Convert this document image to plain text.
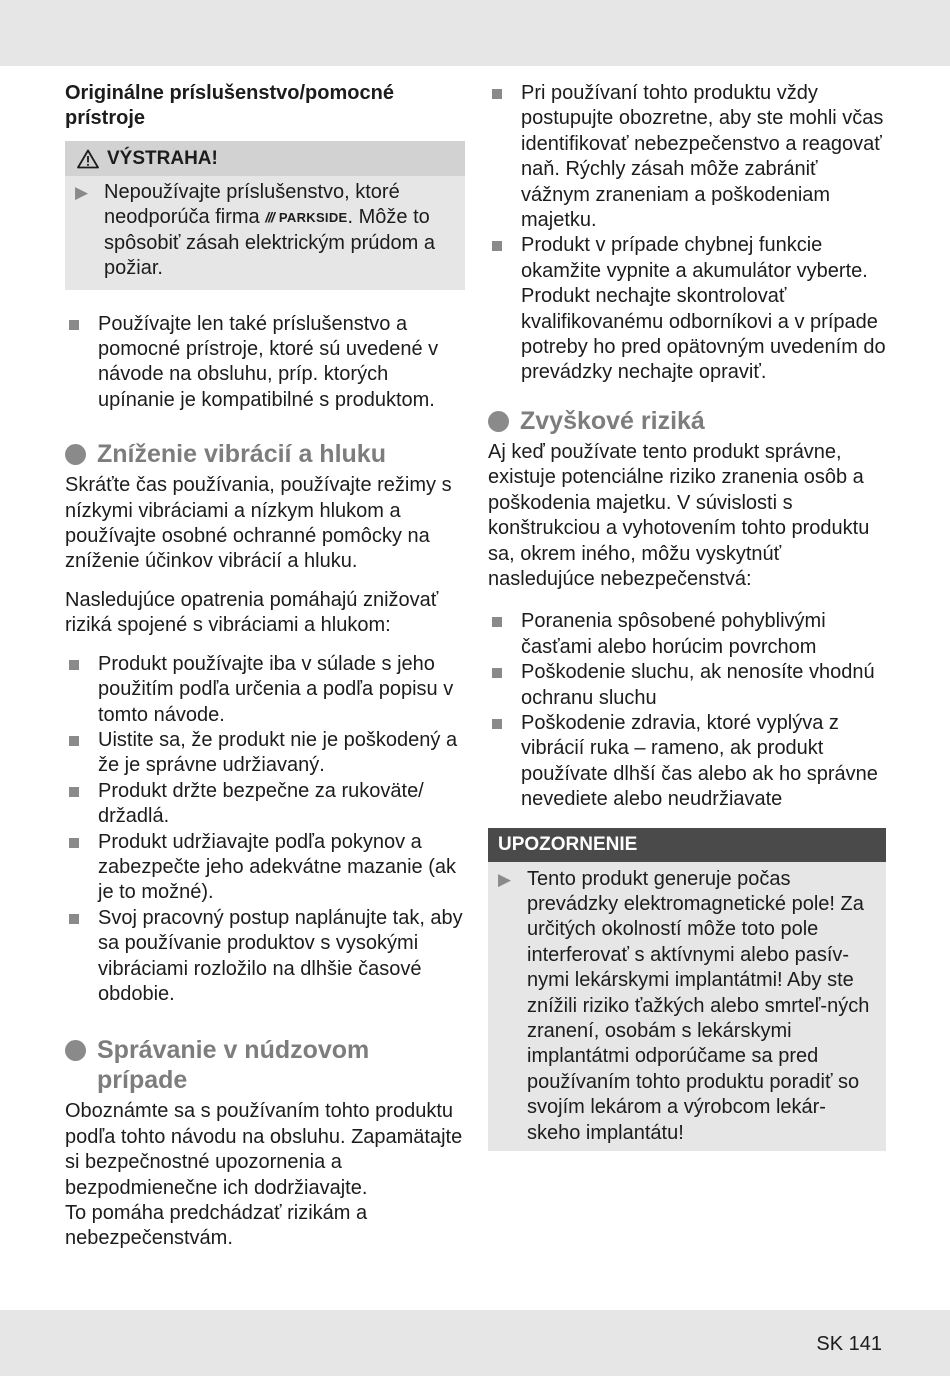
Originálne príslušenstvo/pomocné prístroje
VÝSTRAHA!
▶ Nepoužívajte príslušenstvo, ktoré neodporúča firma /// PARKSIDE . Môže to spôsobiť zásah elektrickým prúdom a požiar.
Používajte len také príslušenstvo a pomocné prístroje, ktoré sú uvedené v návode na obsluhu, príp. ktorých upínanie je kompatibilné s produktom.
Zníženie vibrácií a hluku

Skráťte čas používania, používajte režimy s nízkymi vibráciami a nízkym hlukom a používajte osobné ochranné pomôcky na zníženie účinkov vibrácií a hluku.

Nasledujúce opatrenia pomáhajú znižovať riziká spojené s vibráciami a hlukom:

Produkt používajte iba v súlade s jeho použitím podľa určenia a podľa popisu v tomto návode.
Uistite sa, že produkt nie je poškodený a že je správne udržiavaný.
Produkt držte bezpečne za rukoväte/ držadlá.
Produkt udržiavajte podľa pokynov a zabezpečte jeho adekvátne mazanie (ak je to možné).
Svoj pracovný postup naplánujte tak, aby sa používanie produktov s vysokými vibráciami rozložilo na dlhšie časové obdobie.
Správanie v núdzovom prípade

Oboznámte sa s používaním tohto produktu podľa tohto návodu na obsluhu. Zapamätajte si bezpečnostné upozornenia a bezpodmienečne ich dodržiavajte.

To pomáha predchádzať rizikám a nebezpečenstvám.

Pri používaní tohto produktu vždy postupujte obozretne, aby ste mohli včas identifikovať nebezpečenstvo a reagovať naň. Rýchly zásah môže zabrániť vážnym zraneniam a poškodeniam majetku.
Produkt v prípade chybnej funkcie okamžite vypnite a akumulátor vyberte. Produkt nechajte skontrolovať kvalifikovanému odborníkovi a v prípade potreby ho pred opätovným uvedením do prevádzky nechajte opraviť.
Zvyškové riziká

Aj keď používate tento produkt správne, existuje potenciálne riziko zranenia osôb a poškodenia majetku. V súvislosti s konštrukciou a vyhotovením tohto produktu sa, okrem iného, môžu vyskytnúť nasledujúce nebezpečenstvá:

Poranenia spôsobené pohyblivými časťami alebo horúcim povrchom
Poškodenie sluchu, ak nenosíte vhodnú ochranu sluchu
Poškodenie zdravia, ktoré vyplýva z vibrácií ruka – rameno, ak produkt používate dlhší čas alebo ak ho správne nevediete alebo neudržiavate
UPOZORNENIE
▶ Tento produkt generuje počas prevádzky elektromagnetické pole! Za určitých okolností môže toto pole interferovať s aktívnymi alebo pasív-nymi lekárskymi implantátmi! Aby ste znížili riziko ťažkých alebo smrteľ-ných zranení, osobám s lekárskymi implantátmi odporúčame sa pred používaním tohto produktu poradiť so svojím lekárom a výrobcom lekár-skeho implantátu!
SK 141
